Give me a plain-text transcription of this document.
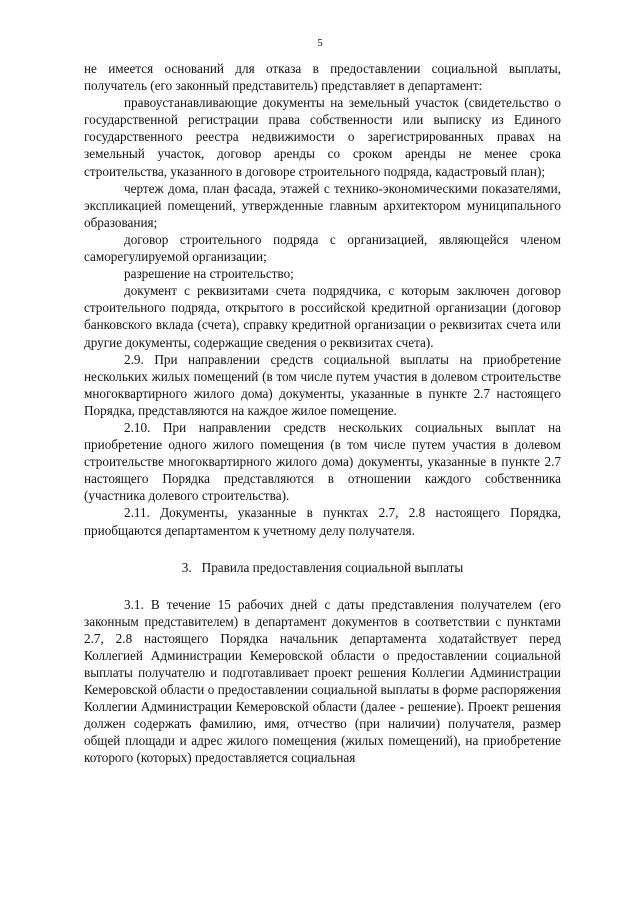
5

не имеется оснований для отказа в предоставлении социальной выплаты, получатель (его законный представитель) представляет в департамент:

правоустанавливающие документы на земельный участок (свидетельство о государственной регистрации права собственности или выписку из Единого государственного реестра недвижимости о зарегистрированных правах на земельный участок, договор аренды со сроком аренды не менее срока строительства, указанного в договоре строительного подряда, кадастровый план);

чертеж дома, план фасада, этажей с технико-экономическими показателями, экспликацией помещений, утвержденные главным архитектором муниципального образования;

договор строительного подряда с организацией, являющейся членом саморегулируемой организации;

разрешение на строительство;

документ с реквизитами счета подрядчика, с которым заключен договор строительного подряда, открытого в российской кредитной организации (договор банковского вклада (счета), справку кредитной организации о реквизитах счета или другие документы, содержащие сведения о реквизитах счета).

2.9. При направлении средств социальной выплаты на приобретение нескольких жилых помещений (в том числе путем участия в долевом строительстве многоквартирного жилого дома) документы, указанные в пункте 2.7 настоящего Порядка, представляются на каждое жилое помещение.

2.10. При направлении средств нескольких социальных выплат на приобретение одного жилого помещения (в том числе путем участия в долевом строительстве многоквартирного жилого дома) документы, указанные в пункте 2.7 настоящего Порядка представляются в отношении каждого собственника (участника долевого строительства).

2.11. Документы, указанные в пунктах 2.7, 2.8 настоящего Порядка, приобщаются департаментом к учетному делу получателя.

3. Правила предоставления социальной выплаты

3.1. В течение 15 рабочих дней с даты представления получателем (его законным представителем) в департамент документов в соответствии с пунктами 2.7, 2.8 настоящего Порядка начальник департамента ходатайствует перед Коллегией Администрации Кемеровской области о предоставлении социальной выплаты получателю и подготавливает проект решения Коллегии Администрации Кемеровской области о предоставлении социальной выплаты в форме распоряжения Коллегии Администрации Кемеровской области (далее - решение). Проект решения должен содержать фамилию, имя, отчество (при наличии) получателя, размер общей площади и адрес жилого помещения (жилых помещений), на приобретение которого (которых) предоставляется социальная
